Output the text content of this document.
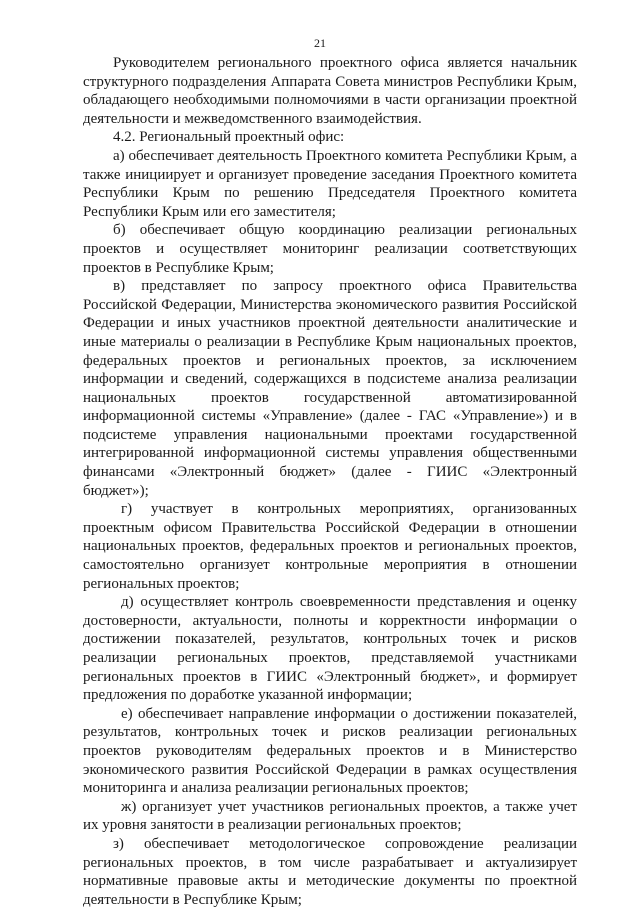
21

Руководителем регионального проектного офиса является начальник структурного подразделения Аппарата Совета министров Республики Крым, обладающего необходимыми полномочиями в части организации проектной деятельности и межведомственного взаимодействия.

4.2. Региональный проектный офис:

а) обеспечивает деятельность Проектного комитета Республики Крым, а также инициирует и организует проведение заседания Проектного комитета Республики Крым по решению Председателя Проектного комитета Республики Крым или его заместителя;

б) обеспечивает общую координацию реализации региональных проектов и осуществляет мониторинг реализации соответствующих проектов в Республике Крым;

в) представляет по запросу проектного офиса Правительства Российской Федерации, Министерства экономического развития Российской Федерации и иных участников проектной деятельности аналитические и иные материалы о реализации в Республике Крым национальных проектов, федеральных проектов и региональных проектов, за исключением информации и сведений, содержащихся в подсистеме анализа реализации национальных проектов государственной автоматизированной информационной системы «Управление» (далее - ГАС «Управление») и в подсистеме управления национальными проектами государственной интегрированной информационной системы управления общественными финансами «Электронный бюджет» (далее - ГИИС «Электронный бюджет»);

г) участвует в контрольных мероприятиях, организованных проектным офисом Правительства Российской Федерации в отношении национальных проектов, федеральных проектов и региональных проектов, самостоятельно организует контрольные мероприятия в отношении региональных проектов;

д) осуществляет контроль своевременности представления и оценку достоверности, актуальности, полноты и корректности информации о достижении показателей, результатов, контрольных точек и рисков реализации региональных проектов, представляемой участниками региональных проектов в ГИИС «Электронный бюджет», и формирует предложения по доработке указанной информации;

е) обеспечивает направление информации о достижении показателей, результатов, контрольных точек и рисков реализации региональных проектов руководителям федеральных проектов и в Министерство экономического развития Российской Федерации в рамках осуществления мониторинга и анализа реализации региональных проектов;

ж) организует учет участников региональных проектов, а также учет их уровня занятости в реализации региональных проектов;

з) обеспечивает методологическое сопровождение реализации региональных проектов, в том числе разрабатывает и актуализирует нормативные правовые акты и методические документы по проектной деятельности в Республике Крым;
